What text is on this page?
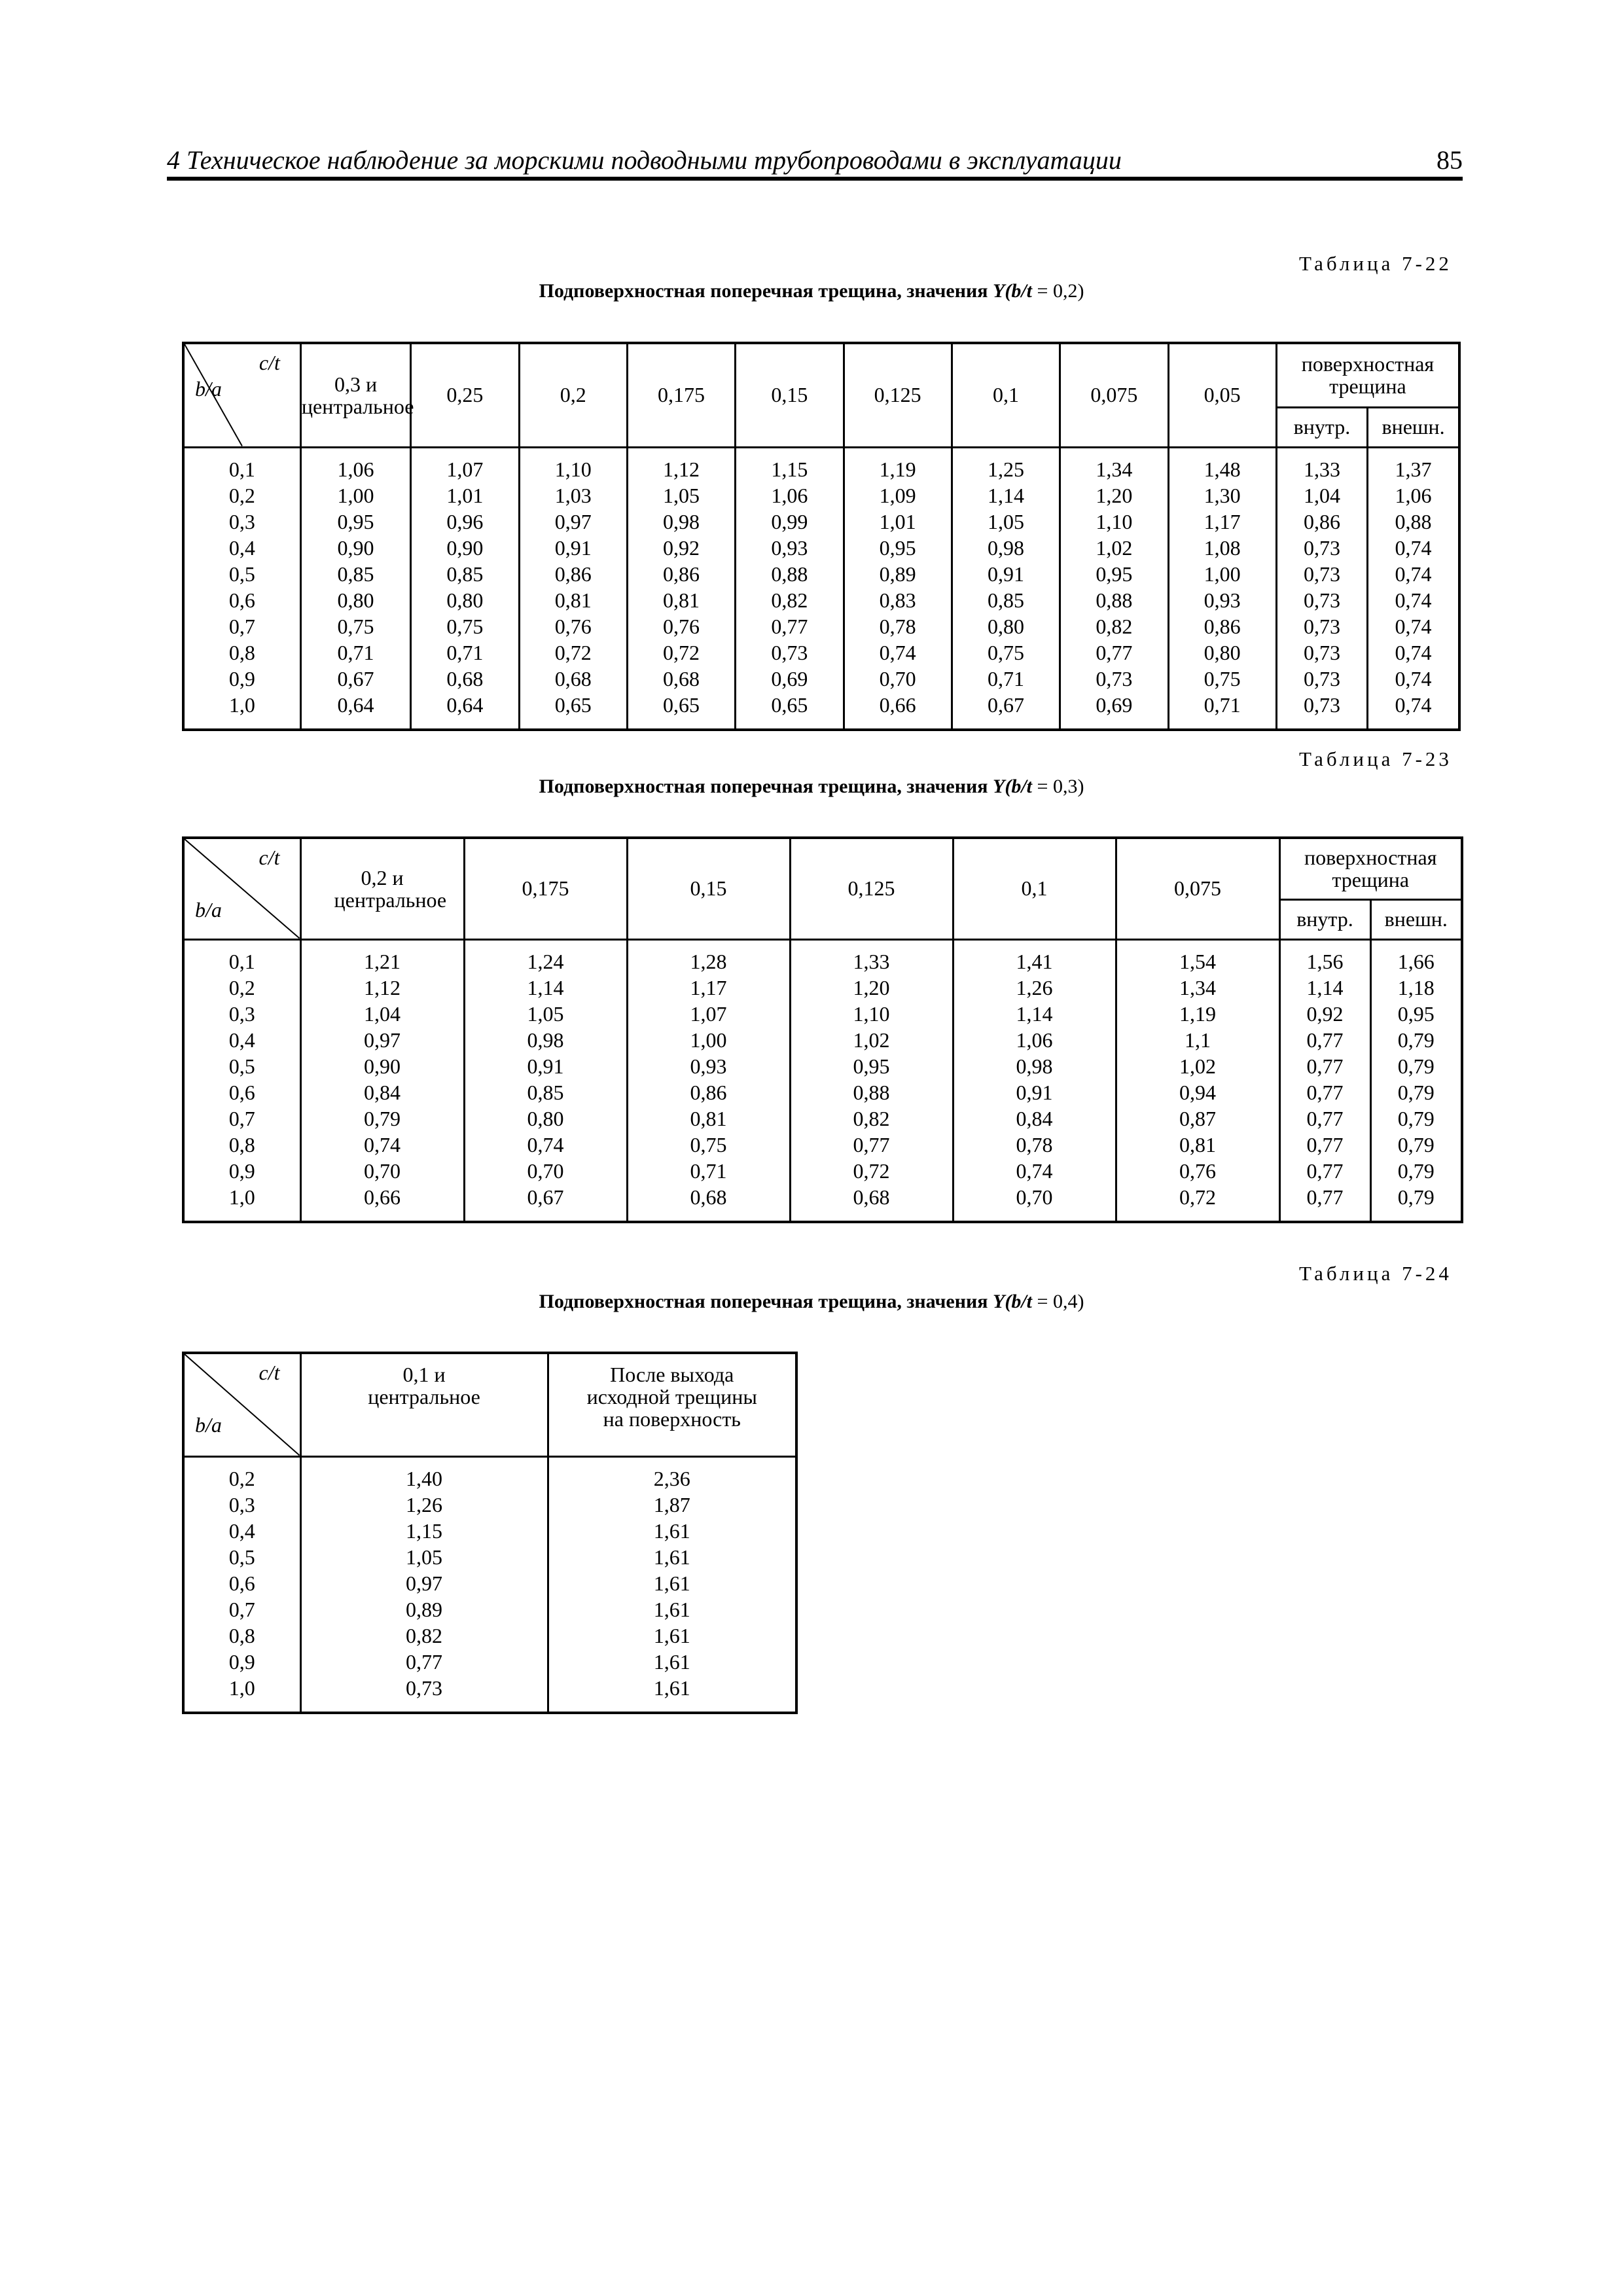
4 Техническое наблюдение за морскими подводными трубопроводами в эксплуатации	85
Таблица 7-22
Подповерхностная поперечная трещина, значения Y(b/t = 0,2)
c/t
b/a	0,3 и центральное	0,25	0,2	0,175	0,15	0,125	0,1	0,075	0,05	поверхностная трещина	
										внутр.	внешн.
0,1	1,06	1,07	1,10	1,12	1,15	1,19	1,25	1,34	1,48	1,33	1,37
0,2	1,00	1,01	1,03	1,05	1,06	1,09	1,14	1,20	1,30	1,04	1,06
0,3	0,95	0,96	0,97	0,98	0,99	1,01	1,05	1,10	1,17	0,86	0,88
0,4	0,90	0,90	0,91	0,92	0,93	0,95	0,98	1,02	1,08	0,73	0,74
0,5	0,85	0,85	0,86	0,86	0,88	0,89	0,91	0,95	1,00	0,73	0,74
0,6	0,80	0,80	0,81	0,81	0,82	0,83	0,85	0,88	0,93	0,73	0,74
0,7	0,75	0,75	0,76	0,76	0,77	0,78	0,80	0,82	0,86	0,73	0,74
0,8	0,71	0,71	0,72	0,72	0,73	0,74	0,75	0,77	0,80	0,73	0,74
0,9	0,67	0,68	0,68	0,68	0,69	0,70	0,71	0,73	0,75	0,73	0,74
1,0	0,64	0,64	0,65	0,65	0,65	0,66	0,67	0,69	0,71	0,73	0,74
Таблица 7-23
Подповерхностная поперечная трещина, значения Y(b/t = 0,3)
c/t
b/a	0,2 и центральное	0,175	0,15	0,125	0,1	0,075	поверхностная трещина	
							внутр.	внешн.
0,1	1,21	1,24	1,28	1,33	1,41	1,54	1,56	1,66
0,2	1,12	1,14	1,17	1,20	1,26	1,34	1,14	1,18
0,3	1,04	1,05	1,07	1,10	1,14	1,19	0,92	0,95
0,4	0,97	0,98	1,00	1,02	1,06	1,1	0,77	0,79
0,5	0,90	0,91	0,93	0,95	0,98	1,02	0,77	0,79
0,6	0,84	0,85	0,86	0,88	0,91	0,94	0,77	0,79
0,7	0,79	0,80	0,81	0,82	0,84	0,87	0,77	0,79
0,8	0,74	0,74	0,75	0,77	0,78	0,81	0,77	0,79
0,9	0,70	0,70	0,71	0,72	0,74	0,76	0,77	0,79
1,0	0,66	0,67	0,68	0,68	0,70	0,72	0,77	0,79
Таблица 7-24
Подповерхностная поперечная трещина, значения Y(b/t = 0,4)
c/t
b/a	0,1 и центральное	После выхода исходной трещины на поверхность
0,2	1,40	2,36
0,3	1,26	1,87
0,4	1,15	1,61
0,5	1,05	1,61
0,6	0,97	1,61
0,7	0,89	1,61
0,8	0,82	1,61
0,9	0,77	1,61
1,0	0,73	1,61
